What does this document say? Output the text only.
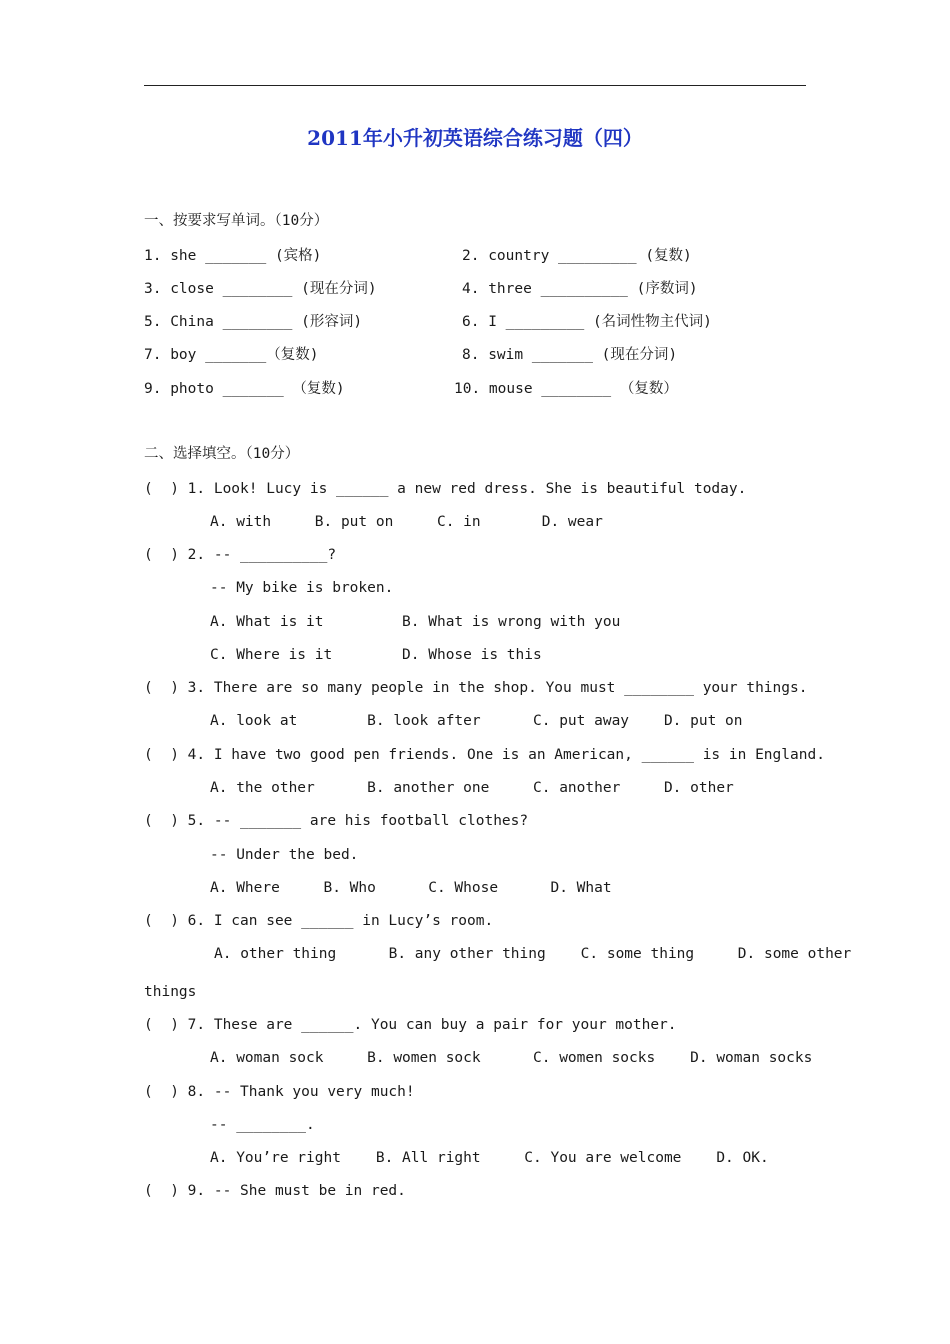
2011年小升初英语综合练习题（四）
一、按要求写单词。（10分）
1. she _______ (宾格)	2. country _________ (复数)
3. close ________ (现在分词)	4. three __________ (序数词)
5. China ________ (形容词)	6. I _________ (名词性物主代词)
7. boy _______（复数)	8. swim _______ (现在分词)
9. photo _______ （复数)	10. mouse ________ （复数）
二、选择填空。（10分）
(  ) 1. Look! Lucy is ______ a new red dress. She is beautiful today.
A. with     B. put on     C. in       D. wear
(  ) 2. -- __________?
-- My bike is broken.
A. What is it         B. What is wrong with you
C. Where is it        D. Whose is this
(  ) 3. There are so many people in the shop. You must ________ your things.
A. look at        B. look after      C. put away    D. put on
(  ) 4. I have two good pen friends. One is an American, ______ is in England.
A. the other      B. another one     C. another     D. other
(  ) 5. -- _______ are his football clothes?
-- Under the bed.
A. Where     B. Who      C. Whose      D. What
(  ) 6. I can see ______ in Lucy’s room.
A. other thing      B. any other thing    C. some thing     D. some other
things
(  ) 7. These are ______. You can buy a pair for your mother.
A. woman sock     B. women sock      C. women socks    D. woman socks
(  ) 8. -- Thank you very much!
-- ________.
A. You’re right    B. All right     C. You are welcome    D. OK.
(  ) 9. -- She must be in red.
